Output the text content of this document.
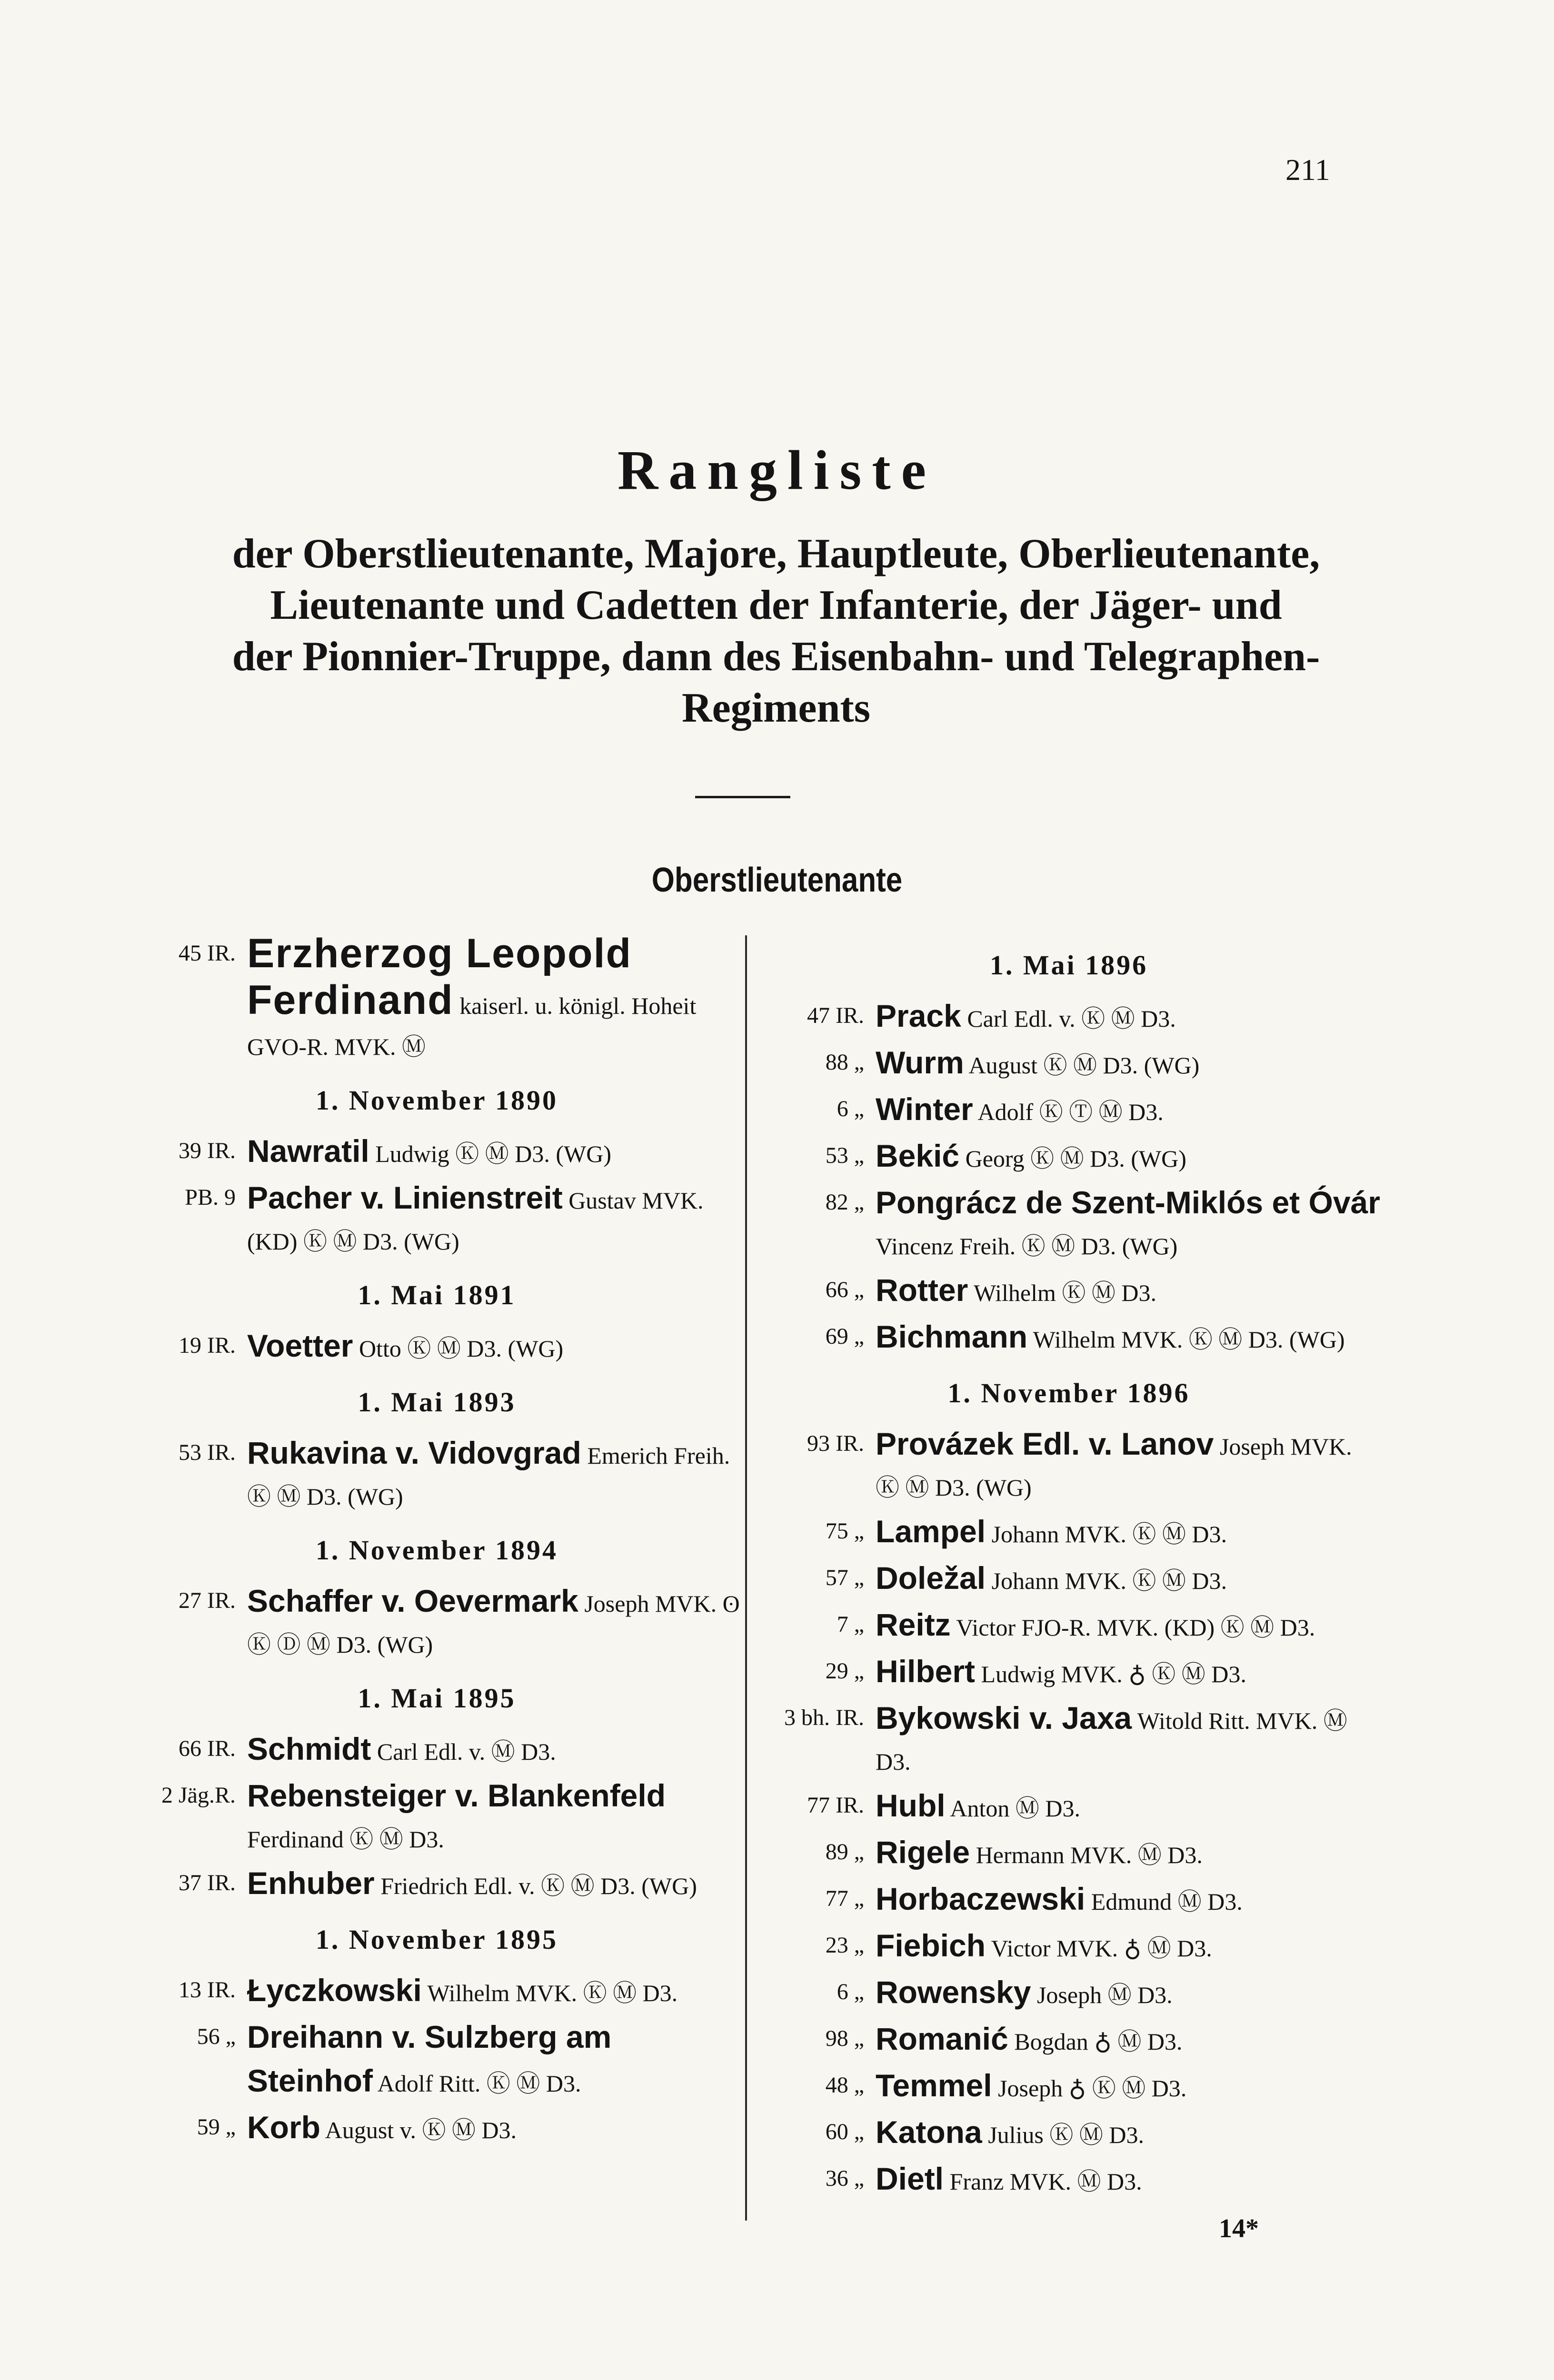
211
Rangliste
der Oberstlieutenante, Majore, Hauptleute, Oberlieutenante,
Lieutenante und Cadetten der Infanterie, der Jäger- und
der Pionnier-Truppe, dann des Eisenbahn- und Telegraphen-
Regiments
Oberstlieutenante
45 IR. Erzherzog Leopold Ferdinand kaiserl. u. königl. Hoheit GVO-R. MVK. Ⓜ
1. November 1890
39 IR. Nawratil Ludwig Ⓚ Ⓜ D3. (WG)
PB. 9 Pacher v. Linienstreit Gustav MVK. (KD) Ⓚ Ⓜ D3. (WG)
1. Mai 1891
19 IR. Voetter Otto Ⓚ Ⓜ D3. (WG)
1. Mai 1893
53 IR. Rukavina v. Vidovgrad Emerich Freih. Ⓚ Ⓜ D3. (WG)
1. November 1894
27 IR. Schaffer v. Oevermark Joseph MVK. ʘ Ⓚ Ⓓ Ⓜ D3. (WG)
1. Mai 1895
66 IR. Schmidt Carl Edl. v. Ⓜ D3.
2 Jäg.R. Rebensteiger v. Blankenfeld Ferdinand Ⓚ Ⓜ D3.
37 IR. Enhuber Friedrich Edl. v. Ⓚ Ⓜ D3. (WG)
1. November 1895
13 IR. Łyczkowski Wilhelm MVK. Ⓚ Ⓜ D3.
56 „ Dreihann v. Sulzberg am Steinhof Adolf Ritt. Ⓚ Ⓜ D3.
59 „ Korb August v. Ⓚ Ⓜ D3.
1. Mai 1896
47 IR. Prack Carl Edl. v. Ⓚ Ⓜ D3.
88 „ Wurm August Ⓚ Ⓜ D3. (WG)
6 „ Winter Adolf Ⓚ Ⓣ Ⓜ D3.
53 „ Bekić Georg Ⓚ Ⓜ D3. (WG)
82 „ Pongrácz de Szent-Miklós et Óvár Vincenz Freih. Ⓚ Ⓜ D3. (WG)
66 „ Rotter Wilhelm Ⓚ Ⓜ D3.
69 „ Bichmann Wilhelm MVK. Ⓚ Ⓜ D3. (WG)
1. November 1896
93 IR. Provázek Edl. v. Lanov Joseph MVK. Ⓚ Ⓜ D3. (WG)
75 „ Lampel Johann MVK. Ⓚ Ⓜ D3.
57 „ Doležal Johann MVK. Ⓚ Ⓜ D3.
7 „ Reitz Victor FJO-R. MVK. (KD) Ⓚ Ⓜ D3.
29 „ Hilbert Ludwig MVK. ♁ Ⓚ Ⓜ D3.
3 bh. IR. Bykowski v. Jaxa Witold Ritt. MVK. Ⓜ D3.
77 IR. Hubl Anton Ⓜ D3.
89 „ Rigele Hermann MVK. Ⓜ D3.
77 „ Horbaczewski Edmund Ⓜ D3.
23 „ Fiebich Victor MVK. ♁ Ⓜ D3.
6 „ Rowensky Joseph Ⓜ D3.
98 „ Romanić Bogdan ♁ Ⓜ D3.
48 „ Temmel Joseph ♁ Ⓚ Ⓜ D3.
60 „ Katona Julius Ⓚ Ⓜ D3.
36 „ Dietl Franz MVK. Ⓜ D3.
14*
